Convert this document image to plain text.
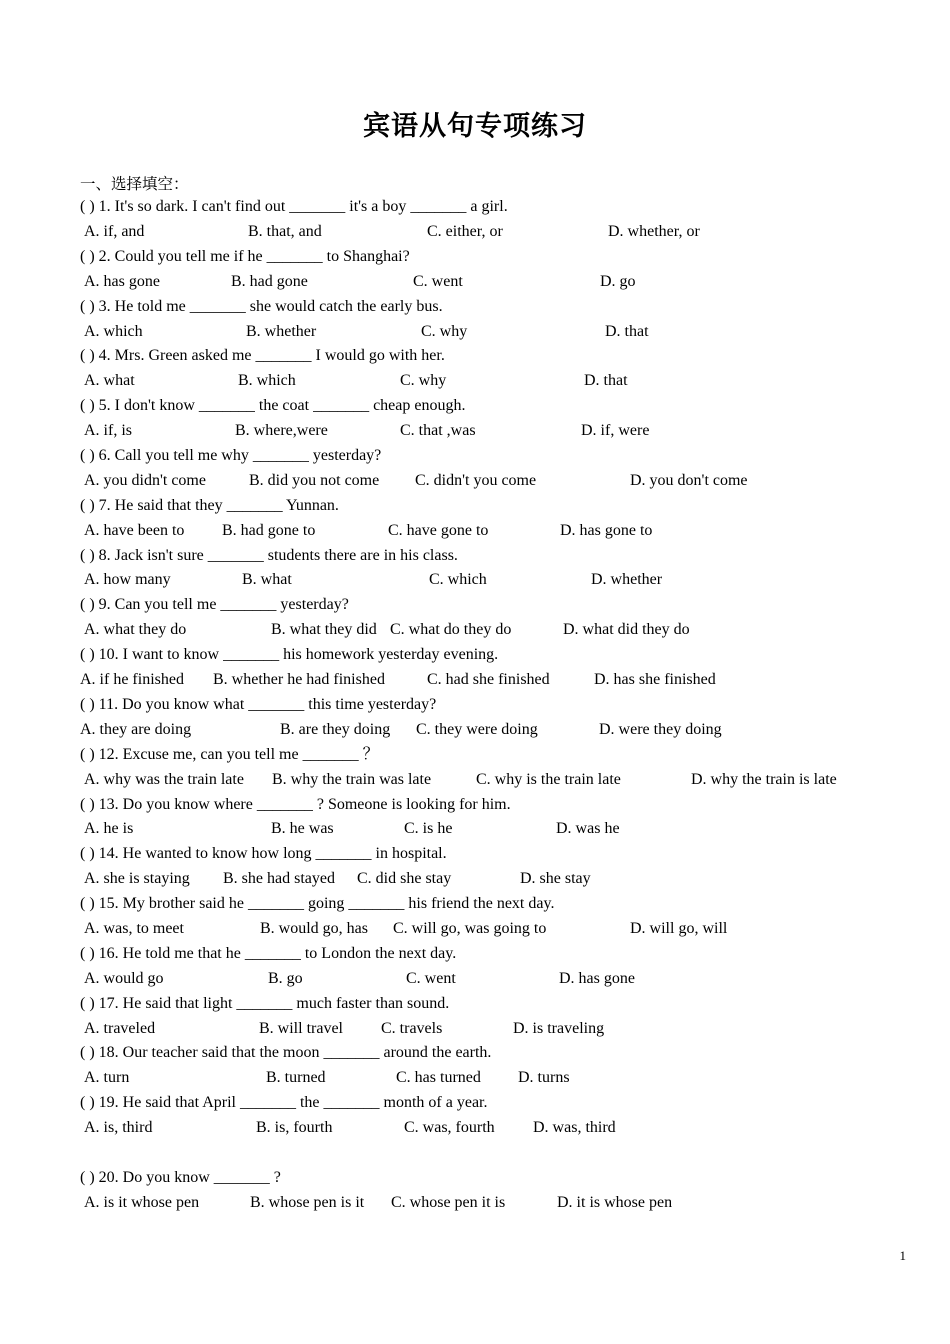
宾语从句专项练习
一、选择填空：
( ) 1. It's so dark. I can't find out _______ it's a boy _______ a girl.
A. if, and	B. that, and	C. either, or	D. whether, or
( ) 2. Could you tell me if he _______ to Shanghai?
A. has gone	B. had gone	C. went	D. go
( ) 3. He told me _______ she would catch the early bus.
A. which	B. whether	C. why	D. that
( ) 4. Mrs. Green asked me _______ I would go with her.
A. what	B. which	C. why	D. that
( ) 5. I don't know _______ the coat _______ cheap enough.
A. if, is	B. where,were	C. that ,was	D. if, were
( ) 6. Call you tell me why _______ yesterday?
A. you didn't come	B. did you not come C. didn't you come	D. you don't come
( ) 7. He said that they _______ Yunnan.
A. have been to B. had gone to	C. have gone to	D. has gone to
( ) 8. Jack isn't sure _______ students there are in his class.
A. how many	B. what	C. which	D. whether
( ) 9. Can you tell me _______ yesterday?
A. what they do	B. what they did C. what do they do	D. what did they do
( ) 10. I want to know _______ his homework yesterday evening.
A. if he finished B. whether he had finished	C. had she finished	D. has she finished
( ) 11. Do you know what _______ this time yesterday?
A. they are doing	B. are they doing C. they were doing	D. were they doing
( ) 12. Excuse me, can you tell me _______ ？
A. why was the train late B. why the train was late	C. why is the train late	D. why the train is late
( ) 13. Do you know where _______ ? Someone is looking for him.
A. he is	B. he was	C. is he	D. was he
( ) 14. He wanted to know how long _______ in hospital.
A. she is staying B. she had stayed C. did she stay	D. she stay
( ) 15. My brother said he _______ going _______ his friend the next day.
A. was, to meet	B. would go, has C. will go, was going to	D. will go, will
( ) 16. He told me that he _______ to London the next day.
A. would go	B. go	C. went	D. has gone
( ) 17. He said that light _______ much faster than sound.
A. traveled	B. will travel C. travels	D. is traveling
( ) 18. Our teacher said that the moon _______ around the earth.
A. turn	B. turned	C. has turned D. turns
( ) 19. He said that April _______ the _______ month of a year.
A. is, third	B. is, fourth	C. was, fourth D. was, third
( ) 20. Do you know _______ ?
A. is it whose pen	B. whose pen is it C. whose pen it is	D. it is whose pen
1
